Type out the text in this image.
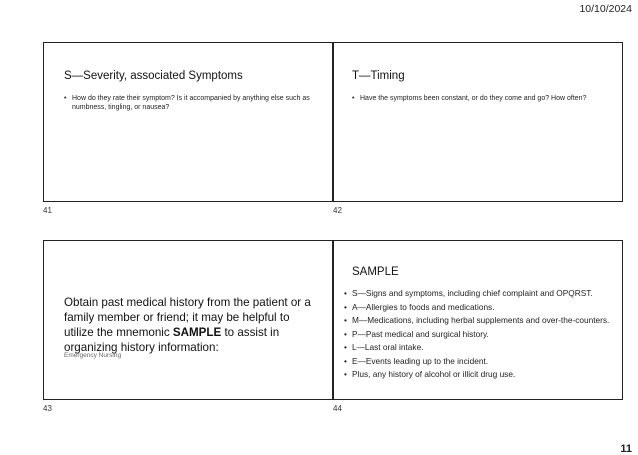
10/10/2024
S—Severity, associated Symptoms
• How do they rate their symptom? Is it accompanied by anything else such as numbness, tingling, or nausea?
41
T—Timing
• Have the symptoms been constant, or do they come and go? How often?
42
Obtain past medical history from the patient or a family member or friend; it may be helpful to utilize the mnemonic SAMPLE to assist in organizing history information:
Emergency Nursing
43
SAMPLE
• S—Signs and symptoms, including chief complaint and OPQRST.
• A—Allergies to foods and medications.
• M—Medications, including herbal supplements and over-the-counters.
• P—Past medical and surgical history.
• L—Last oral intake.
• E—Events leading up to the incident.
• Plus, any history of alcohol or illicit drug use.
44
11
